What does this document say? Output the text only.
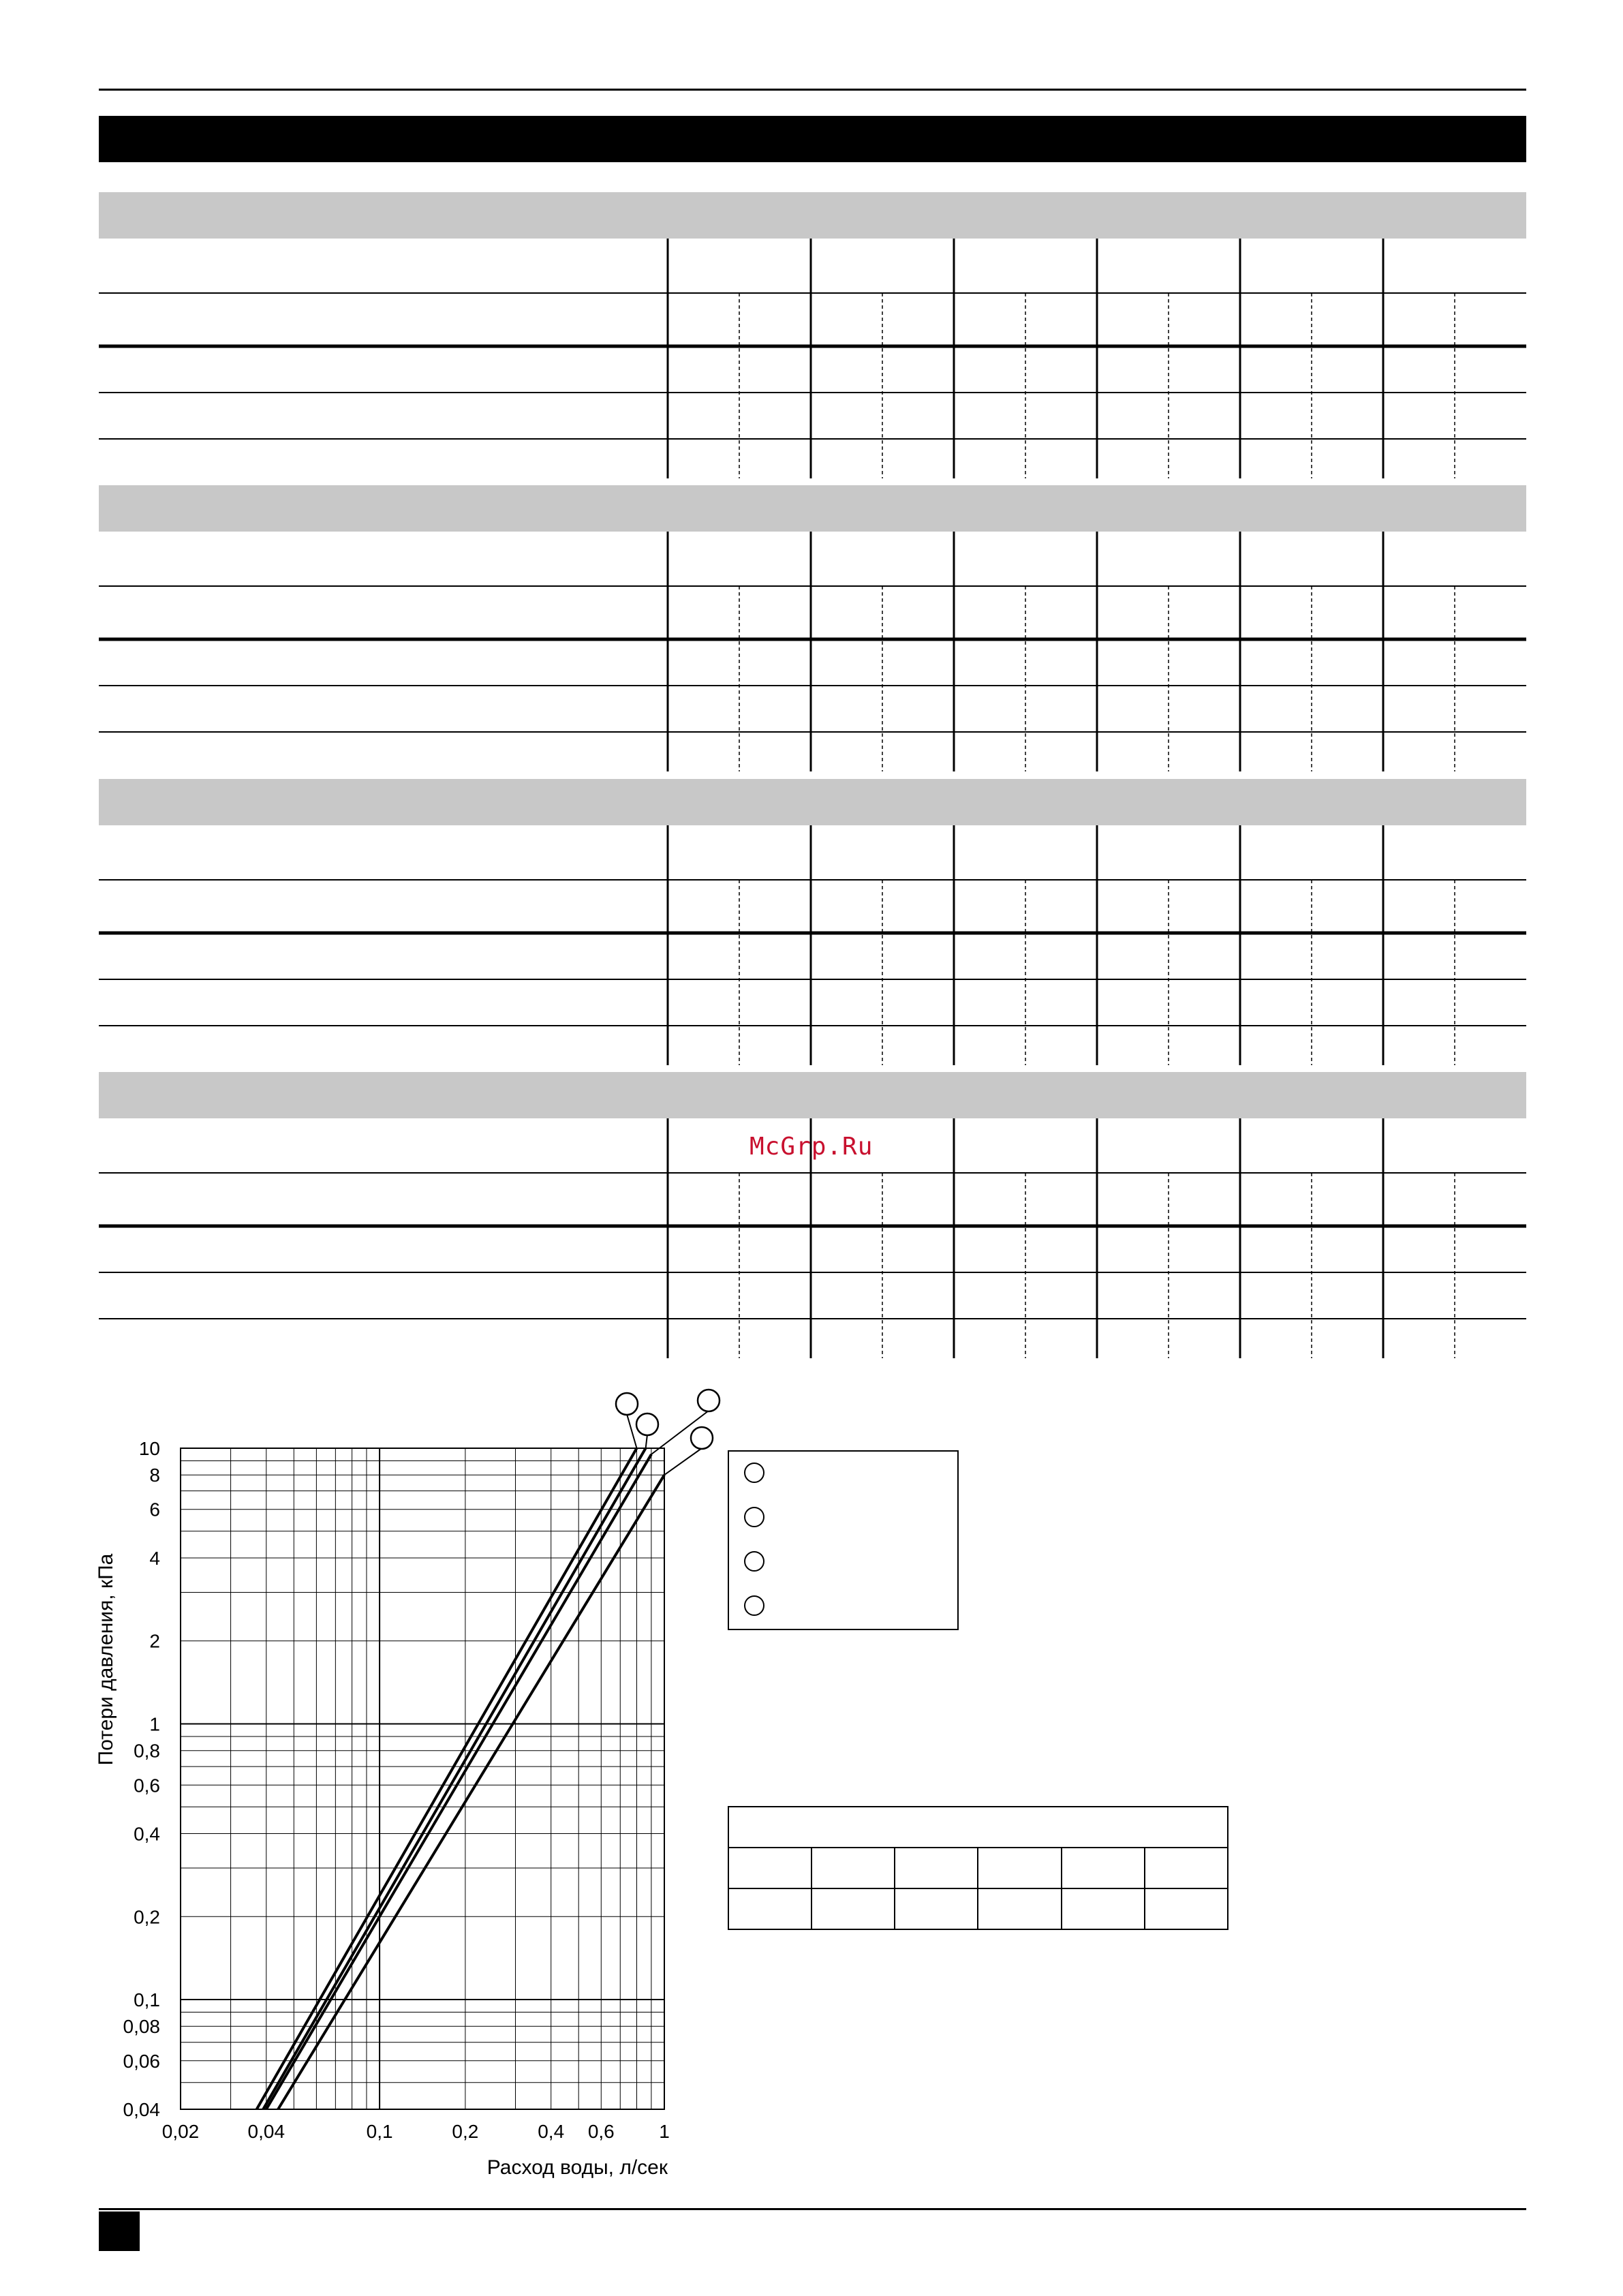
McGrp.Ru
10
8
6
4
2
1
0,8
0,6
0,4
0,2
0,1
0,08
0,06
0,04
0,02	0,04	0,1	0,2	0,4 0,6 1
Расход воды, л/сек
Потери давления, кПа
